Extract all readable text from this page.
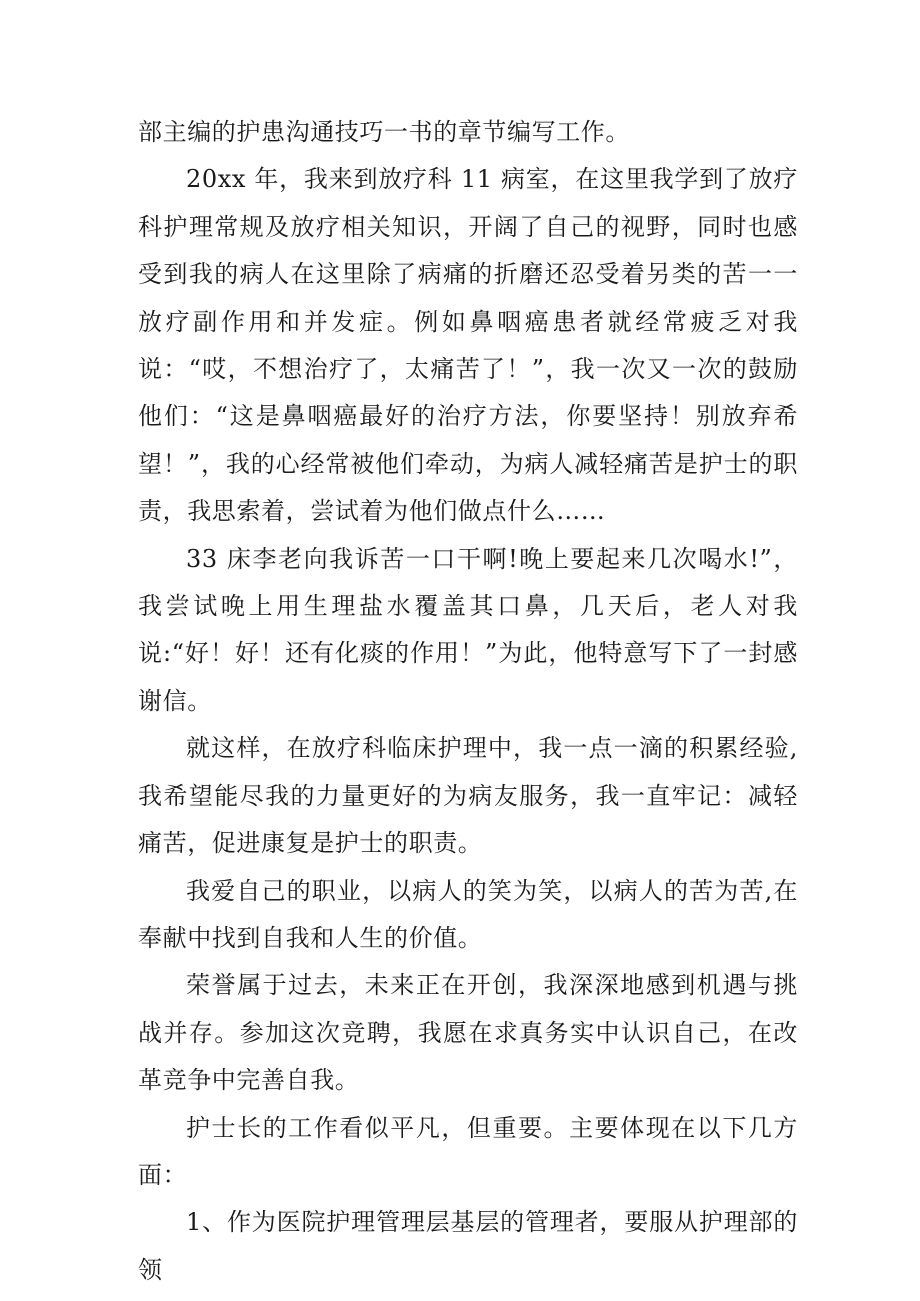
部主编的护患沟通技巧一书的章节编写工作。

20xx 年，我来到放疗科 11 病室，在这里我学到了放疗科护理常规及放疗相关知识，开阔了自己的视野，同时也感受到我的病人在这里除了病痛的折磨还忍受着另类的苦一一放疗副作用和并发症。例如鼻咽癌患者就经常疲乏对我说：“哎，不想治疗了，太痛苦了！”，我一次又一次的鼓励他们：“这是鼻咽癌最好的治疗方法，你要坚持！别放弃希望！”，我的心经常被他们牵动，为病人减轻痛苦是护士的职责，我思索着，尝试着为他们做点什么……

33 床李老向我诉苦一口干啊!晚上要起来几次喝水!”，我尝试晚上用生理盐水覆盖其口鼻，几天后，老人对我说:“好！好！还有化痰的作用！”为此，他特意写下了一封感谢信。

就这样，在放疗科临床护理中，我一点一滴的积累经验,我希望能尽我的力量更好的为病友服务，我一直牢记：减轻痛苦，促进康复是护士的职责。

我爱自己的职业，以病人的笑为笑，以病人的苦为苦,在奉献中找到自我和人生的价值。

荣誉属于过去，未来正在开创，我深深地感到机遇与挑战并存。参加这次竞聘，我愿在求真务实中认识自己，在改革竞争中完善自我。

护士长的工作看似平凡，但重要。主要体现在以下几方面：

1、作为医院护理管理层基层的管理者，要服从护理部的领
